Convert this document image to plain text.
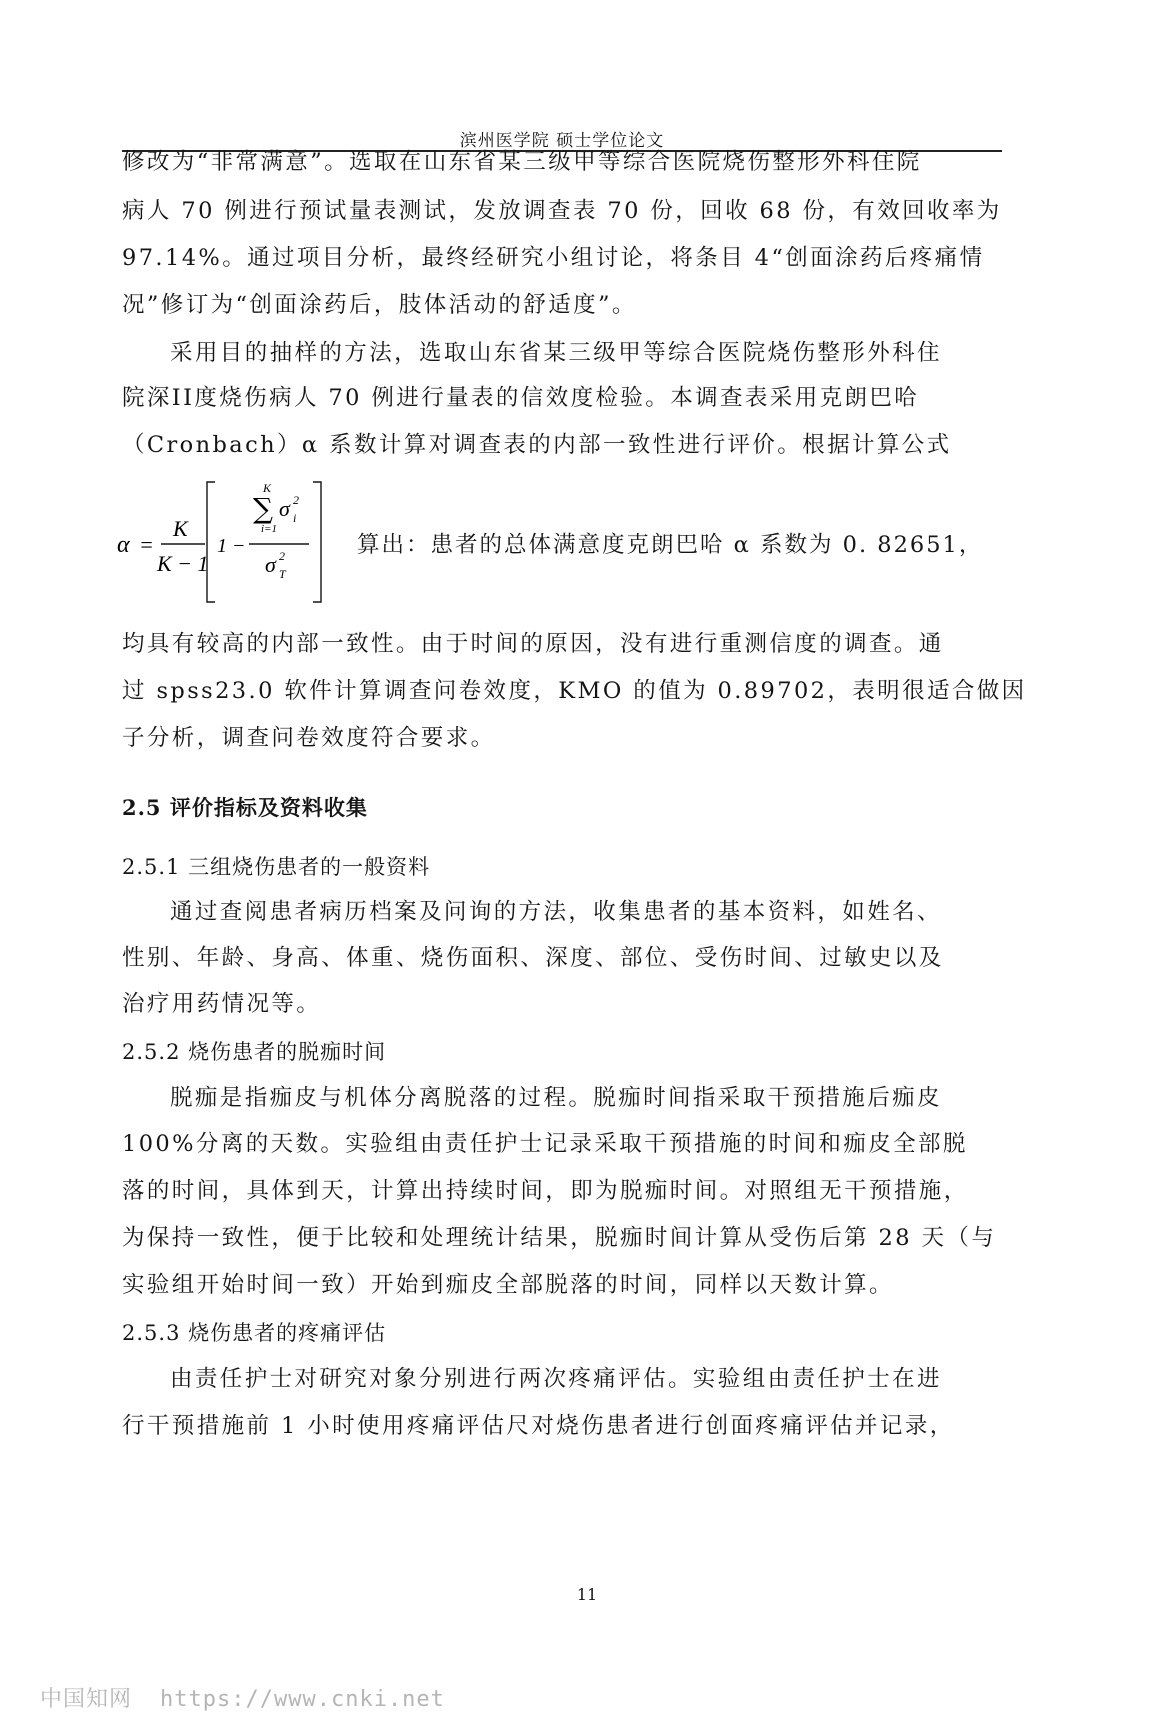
滨州医学院 硕士学位论文
修改为“非常满意”。选取在山东省某三级甲等综合医院烧伤整形外科住院
病人 70 例进行预试量表测试，发放调查表 70 份，回收 68 份，有效回收率为
97.14%。通过项目分析，最终经研究小组讨论，将条目 4“创面涂药后疼痛情
况”修订为“创面涂药后，肢体活动的舒适度”。
采用目的抽样的方法，选取山东省某三级甲等综合医院烧伤整形外科住
院深II度烧伤病人 70 例进行量表的信效度检验。本调查表采用克朗巴哈
（Cronbach）α 系数计算对调查表的内部一致性进行评价。根据计算公式
α =
K
K − 1
1 −
K
∑
i=1
σ 2
i
σ 2
T
算出：患者的总体满意度克朗巴哈 α 系数为 0. 82651，
均具有较高的内部一致性。由于时间的原因，没有进行重测信度的调查。通
过 spss23.0 软件计算调查问卷效度，KMO 的值为 0.89702，表明很适合做因
子分析，调查问卷效度符合要求。
2.5 评价指标及资料收集
2.5.1 三组烧伤患者的一般资料
通过查阅患者病历档案及问询的方法，收集患者的基本资料，如姓名、
性别、年龄、身高、体重、烧伤面积、深度、部位、受伤时间、过敏史以及
治疗用药情况等。
2.5.2 烧伤患者的脱痂时间
脱痂是指痂皮与机体分离脱落的过程。脱痂时间指采取干预措施后痂皮
100%分离的天数。实验组由责任护士记录采取干预措施的时间和痂皮全部脱
落的时间，具体到天，计算出持续时间，即为脱痂时间。对照组无干预措施，
为保持一致性，便于比较和处理统计结果，脱痂时间计算从受伤后第 28 天（与
实验组开始时间一致）开始到痂皮全部脱落的时间，同样以天数计算。
2.5.3 烧伤患者的疼痛评估
由责任护士对研究对象分别进行两次疼痛评估。实验组由责任护士在进
行干预措施前 1 小时使用疼痛评估尺对烧伤患者进行创面疼痛评估并记录，
11
中国知网 https://www.cnki.net
